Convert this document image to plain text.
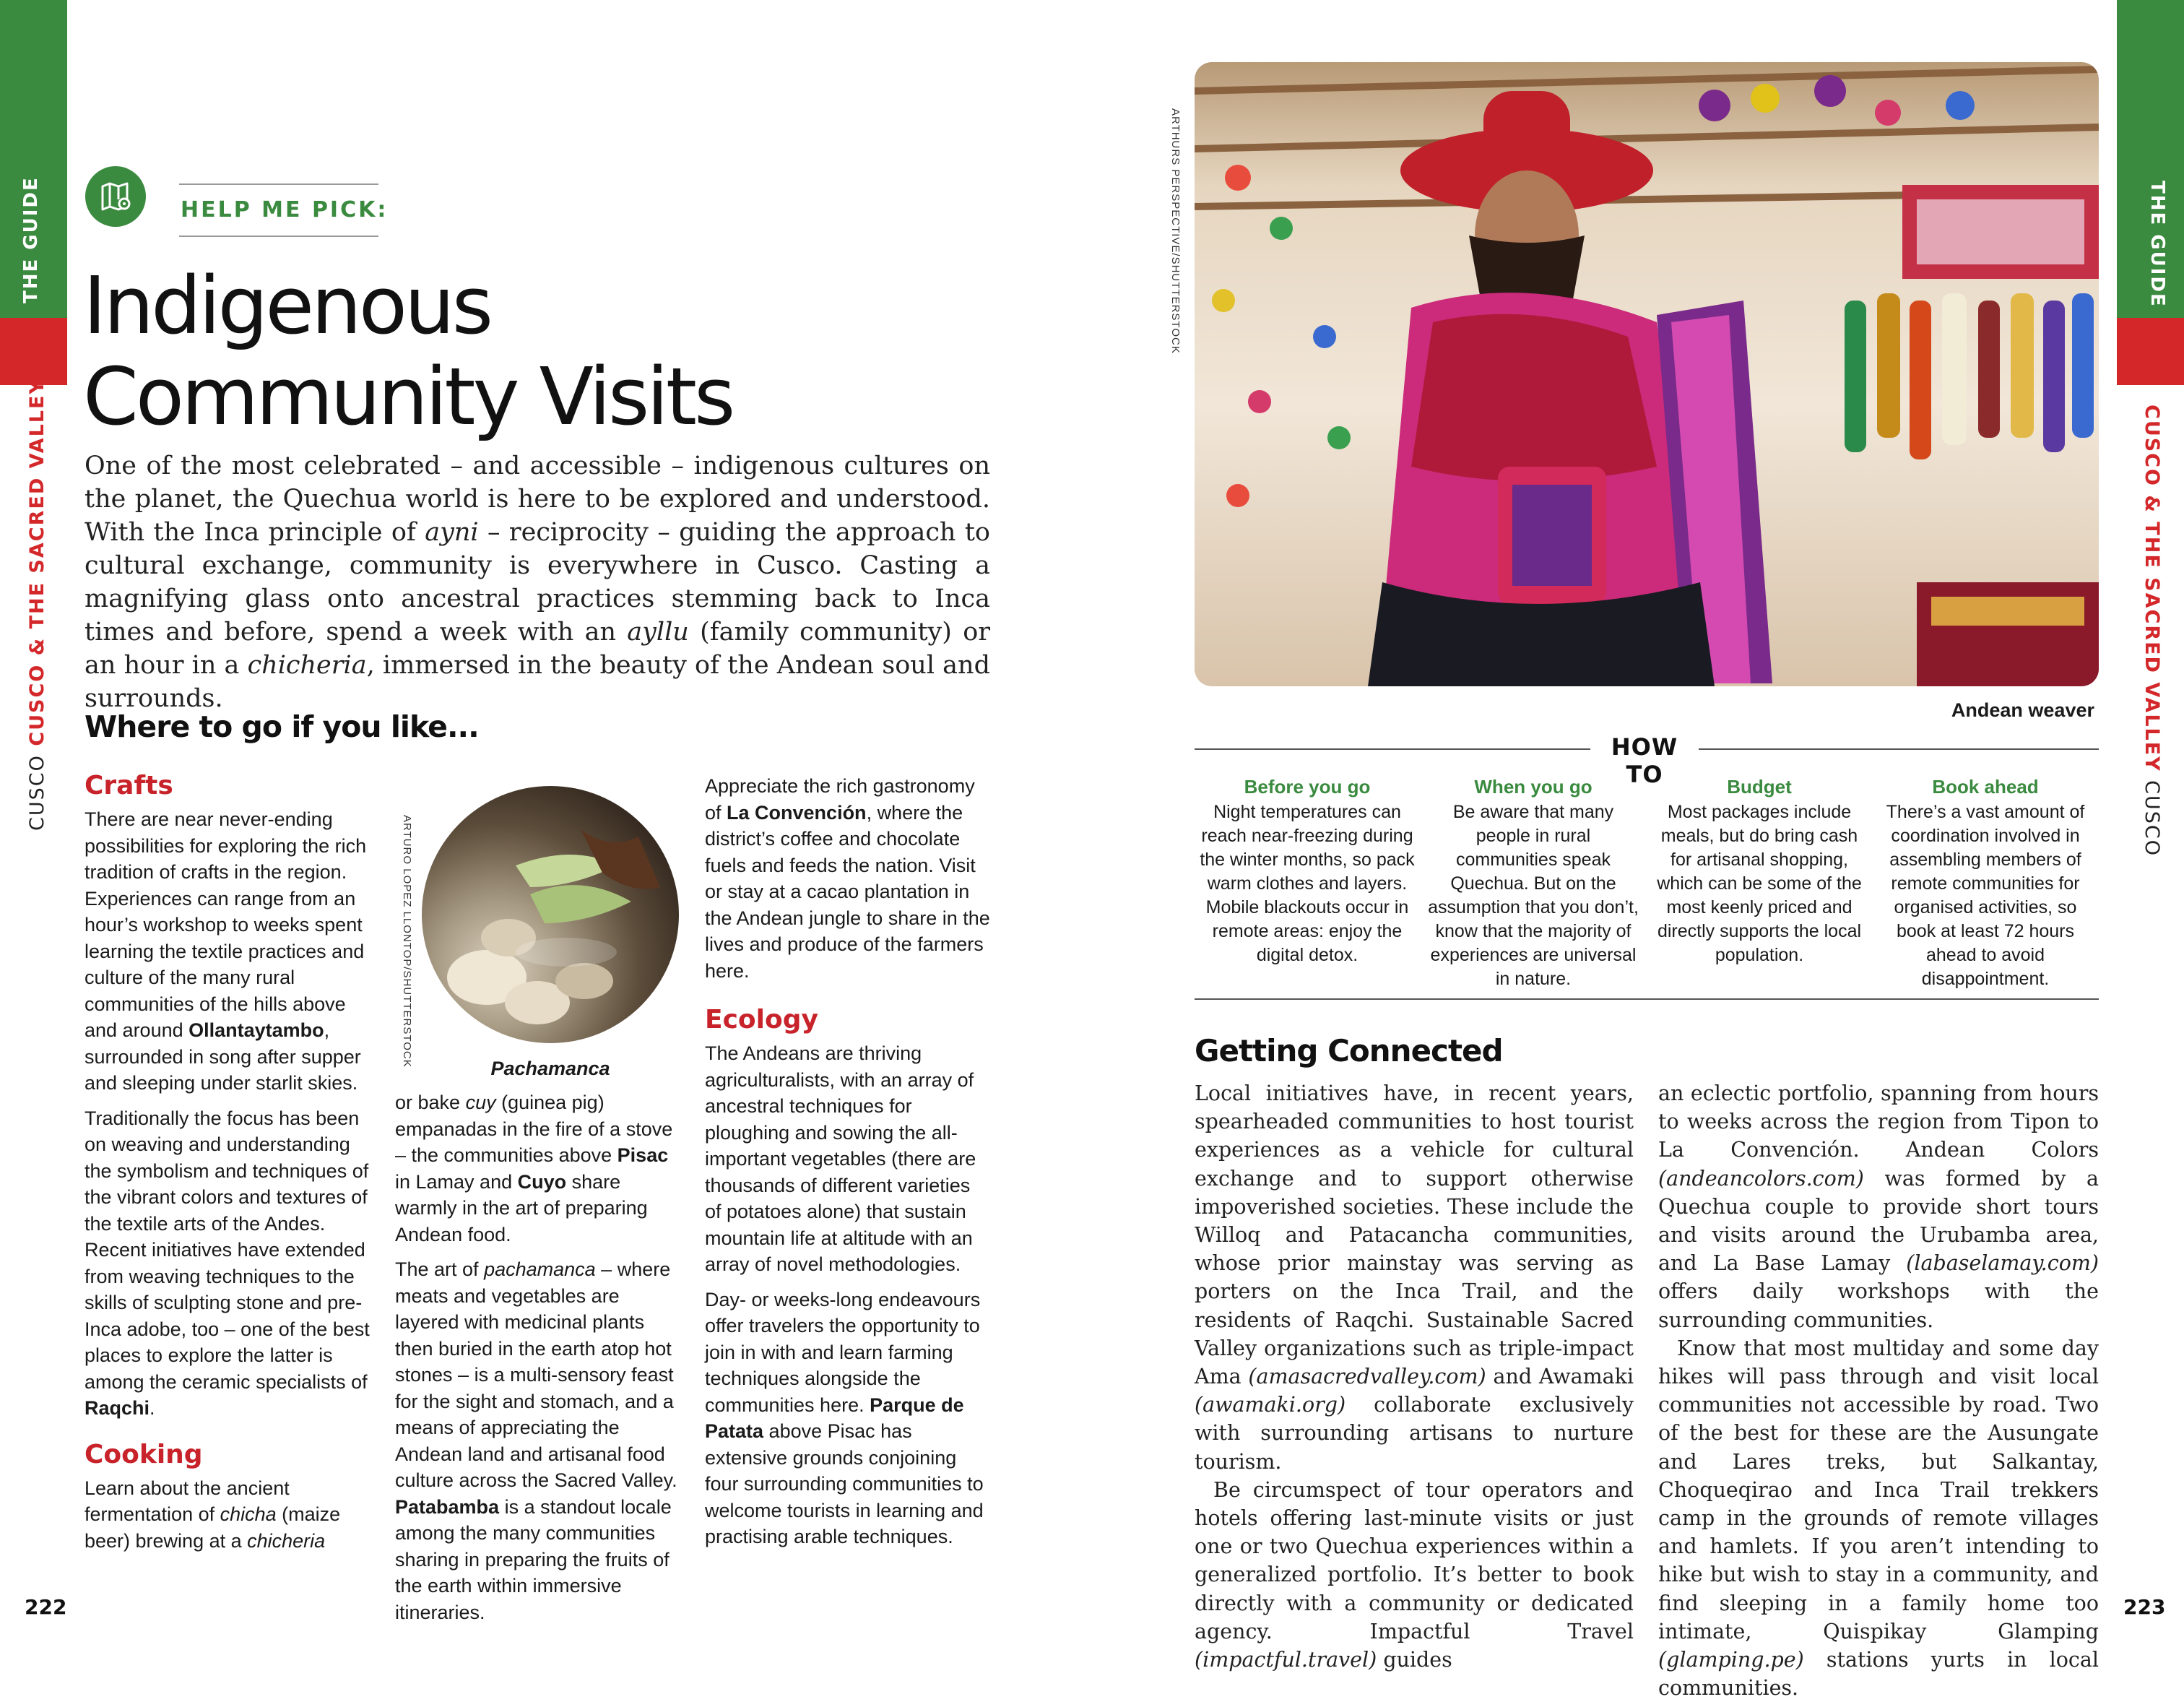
THE GUIDE
CUSCO CUSCO & THE SACRED VALLEY
222
THE GUIDE
CUSCO & THE SACRED VALLEY CUSCO
223
HELP ME PICK:
Indigenous
Community Visits
One of the most celebrated – and accessible – indigenous cultures on the planet, the Quechua world is here to be explored and understood. With the Inca principle of ayni – reciprocity – guiding the approach to cultural exchange, community is everywhere in Cusco. Casting a magnifying glass onto ancestral practices stemming back to Inca times and before, spend a week with an ayllu (family community) or an hour in a chicheria, immersed in the beauty of the Andean soul and surrounds.
Where to go if you like...
Crafts

There are near never-ending possibilities for exploring the rich tradition of crafts in the region. Experiences can range from an hour’s workshop to weeks spent learning the textile practices and culture of the many rural communities of the hills above and around Ollantaytambo, surrounded in song after supper and sleeping under starlit skies.

Traditionally the focus has been on weaving and understanding the symbolism and techniques of the vibrant colors and textures of the textile arts of the Andes. Recent initiatives have extended from weaving techniques to the skills of sculpting stone and pre-Inca adobe, too – one of the best places to explore the latter is among the ceramic specialists of Raqchi.

Cooking

Learn about the ancient fermentation of chicha (maize beer) brewing at a chicheria

ARTURO LOPEZ LLONTOP/SHUTTERSTOCK
Pachamanca

or bake cuy (guinea pig) empanadas in the fire of a stove – the communities above Pisac in Lamay and Cuyo share warmly in the art of preparing Andean food.

The art of pachamanca – where meats and vegetables are layered with medicinal plants then buried in the earth atop hot stones – is a multi-sensory feast for the sight and stomach, and a means of appreciating the Andean land and artisanal food culture across the Sacred Valley. Patabamba is a standout locale among the many communities sharing in preparing the fruits of the earth within immersive itineraries.

Appreciate the rich gastronomy of La Convención, where the district’s coffee and chocolate fuels and feeds the nation. Visit or stay at a cacao plantation in the Andean jungle to share in the lives and produce of the farmers here.

Ecology

The Andeans are thriving agriculturalists, with an array of ancestral techniques for ploughing and sowing the all-important vegetables (there are thousands of different varieties of potatoes alone) that sustain mountain life at altitude with an array of novel methodologies.

Day- or weeks-long endeavours offer travelers the opportunity to join in with and learn farming techniques alongside the communities here. Parque de Patata above Pisac has extensive grounds conjoining four surrounding communities to welcome tourists in learning and practising arable techniques.

ARTHURS PERSPECTIVE/SHUTTERSTOCK
Andean weaver
HOW TO
Before you go
Night temperatures can reach near-freezing during the winter months, so pack warm clothes and layers. Mobile blackouts occur in remote areas: enjoy the digital detox.
When you go
Be aware that many people in rural communities speak Quechua. But on the assumption that you don’t, know that the majority of experiences are universal in nature.
Budget
Most packages include meals, but do bring cash for artisanal shopping, which can be some of the most keenly priced and directly supports the local population.
Book ahead
There’s a vast amount of coordination involved in assembling members of remote communities for organised activities, so book at least 72 hours ahead to avoid disappointment.
Getting Connected

Local initiatives have, in recent years, spearheaded communities to host tourist experiences as a vehicle for cultural exchange and to support otherwise impoverished societies. These include the Willoq and Patacancha communities, whose prior mainstay was serving as porters on the Inca Trail, and the residents of Raqchi. Sustainable Sacred Valley organizations such as triple-impact Ama (amasacredvalley.com) and Awamaki (awamaki.org) collaborate exclusively with surrounding artisans to nurture tourism.

Be circumspect of tour operators and hotels offering last-minute visits or just one or two Quechua experiences within a generalized portfolio. It’s better to book directly with a community or dedicated agency. Impactful Travel (impactful.travel) guides

an eclectic portfolio, spanning from hours to weeks across the region from Tipon to La Convención. Andean Colors (andeancolors.com) was formed by a Quechua couple to provide short tours and visits around the Urubamba area, and La Base Lamay (labaselamay.com) offers daily workshops with the surrounding communities.

Know that most multiday and some day hikes will pass through and visit local communities not accessible by road. Two of the best for these are the Ausungate and Lares treks, but Salkantay, Choqueqirao and Inca Trail trekkers camp in the grounds of remote villages and hamlets. If you aren’t intending to hike but wish to stay in a community, and find sleeping in a family home too intimate, Quispikay Glamping (glamping.pe) stations yurts in local communities.
